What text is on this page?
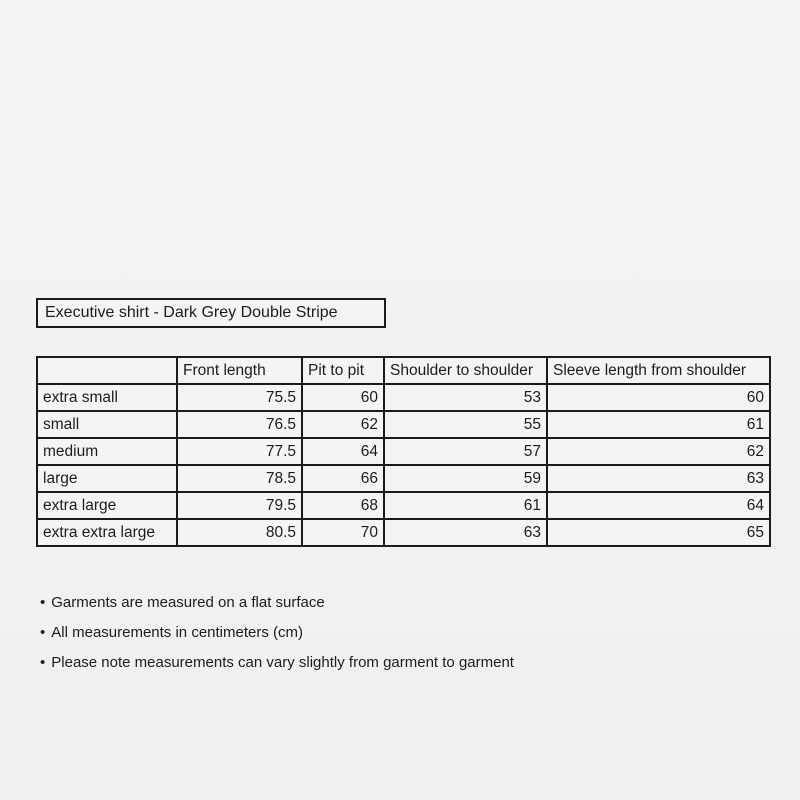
Executive shirt - Dark Grey Double Stripe
	Front length	Pit to pit	Shoulder to shoulder	Sleeve length from shoulder
extra small	75.5	60	53	60
small	76.5	62	55	61
medium	77.5	64	57	62
large	78.5	66	59	63
extra large	79.5	68	61	64
extra extra large	80.5	70	63	65
• Garments are measured on a flat surface
• All measurements in centimeters (cm)
• Please note measurements can vary slightly from garment to garment
